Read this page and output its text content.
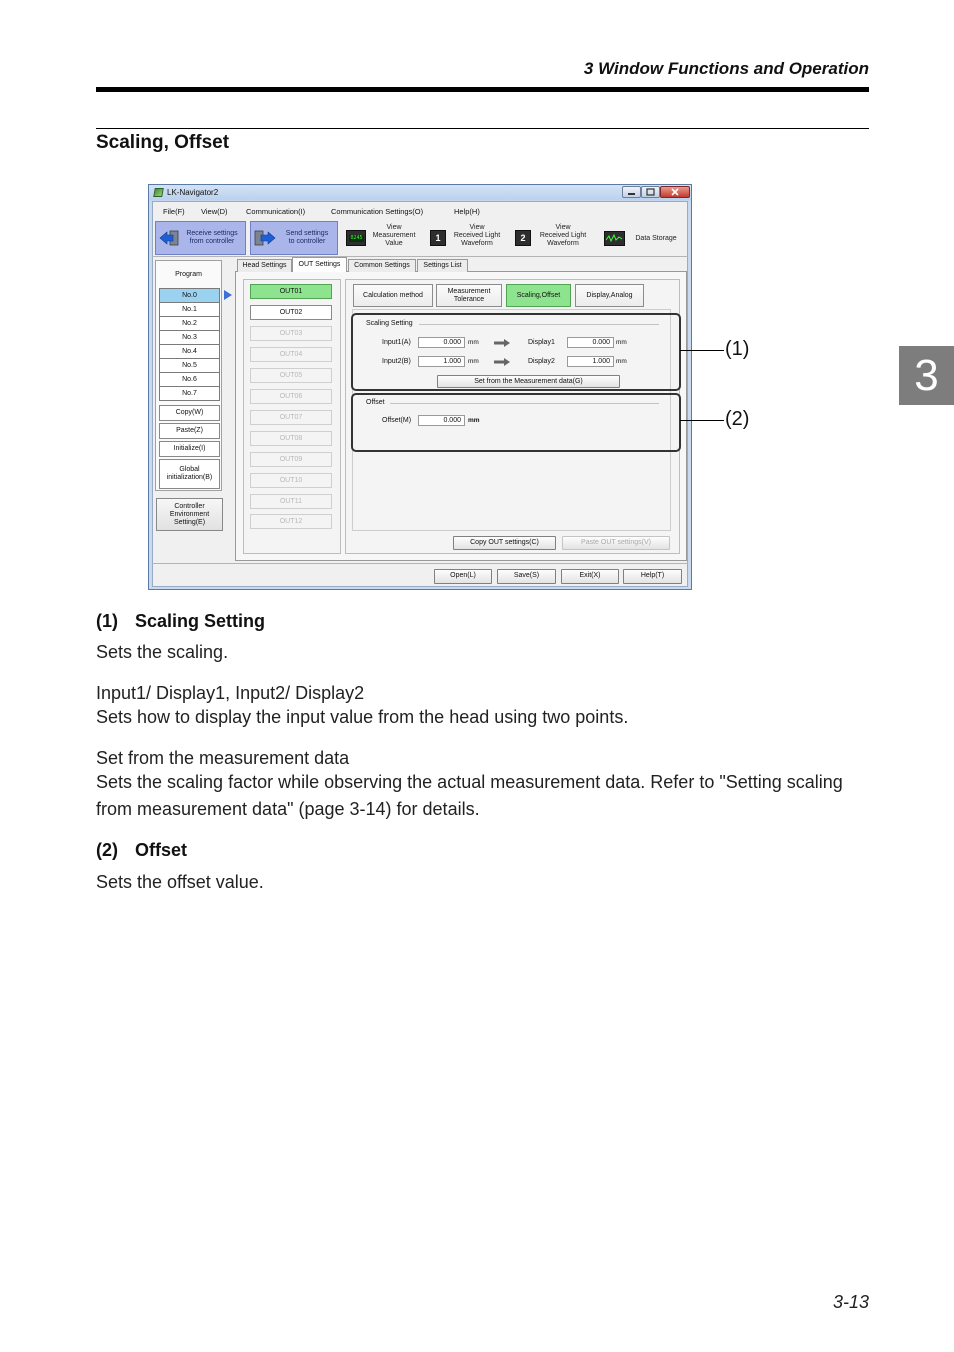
3 Window Functions and Operation
3
Scaling, Offset
LK-Navigator2
File(F) View(D) Communication(I)	Communication Settings(O)	Help(H)
Receive settings
from controller
Send settings
to controller	0245
View
Measurement
Value
1
View
Received Light
Waveform
2
View
Received Light
Waveform
Data Storage
Program
No.0
No.1
No.2
No.3
No.4
No.5
No.6
No.7
Copy(W)
Paste(Z)
Initialize(I)
Global
initialization(B)
Controller
Environment
Setting(E)
Head Settings	OUT Settings	Common Settings	Settings List
OUT01
OUT02
OUT03
OUT04
OUT05
OUT06
OUT07
OUT08
OUT09
OUT10
OUT11
OUT12
Calculation method
Measurement
Tolerance
Scaling,Offset	Display,Analog
Scaling Setting
Input1(A)	0.000	mm	Display1	0.000 mm
Input2(B)	1.000	mm	Display2	1.000 mm
Set from the Measurement data(G)
Offset
Offset(M)	0.000	mm
Copy OUT settings(C)	Paste OUT settings(V)
Open(L)	Save(S)	Exit(X)	Help(T)
(1)
(2)
(1) Scaling Setting
Sets the scaling.
Input1/ Display1, Input2/ Display2
Sets how to display the input value from the head using two points.
Set from the measurement data
Sets the scaling factor while observing the actual measurement data. Refer to "Setting scaling from measurement data" (page 3-14) for details.
(2) Offset
Sets the offset value.
3-13
